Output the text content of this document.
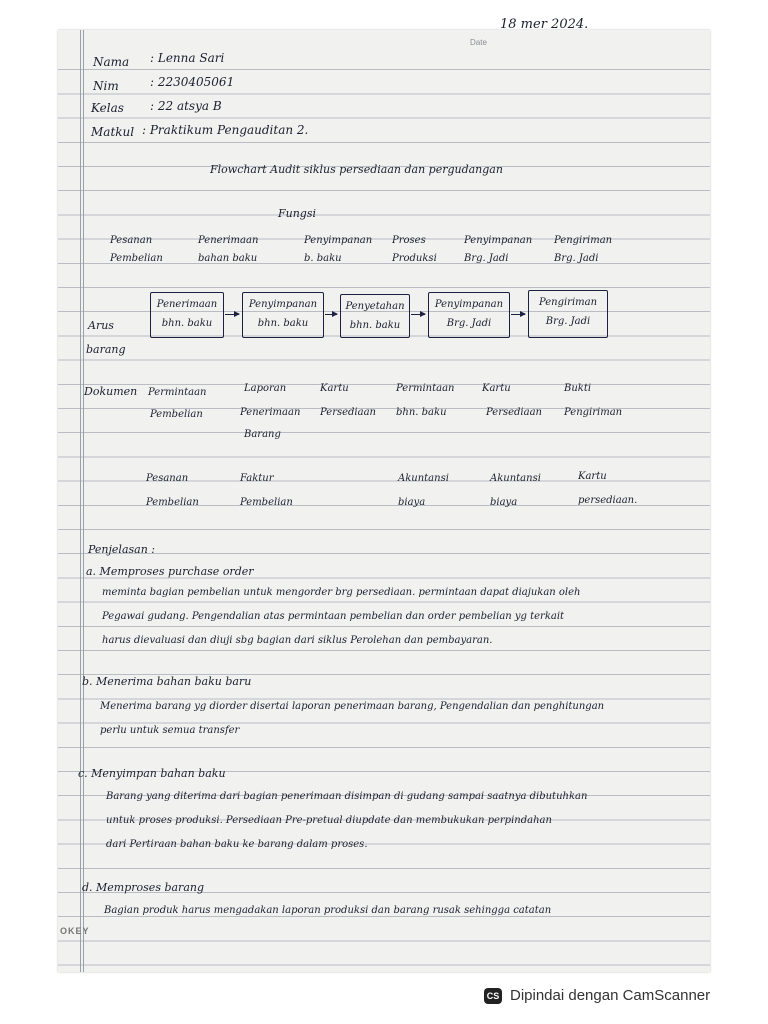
18 mer 2024.
Date
Nama : Lenna Sari
Nim	: 2230405061
Kelas : 22 atsya B
Matkul : Praktikum Pengauditan 2.
Flowchart Audit siklus persediaan dan pergudangan
Fungsi
Pesanan
Pembelian
Penerimaan
bahan baku
Penyimpanan
b. baku
Proses
Produksi
Penyimpanan
Brg. Jadi
Pengiriman
Brg. Jadi
Arus
barang
Penerimaan
bhn. baku
Penyimpanan
bhn. baku
Penyetahan
bhn. baku
Penyimpanan
Brg. Jadi
Pengiriman
Brg. Jadi
Dokumen Permintaan
Pembelian
Laporan
Penerimaan
Barang
Kartu
Persediaan
Permintaan
bhn. baku
Kartu
Persediaan
Bukti
Pengiriman
Pesanan
Pembelian
Faktur
Pembelian
Akuntansi
biaya
Akuntansi
biaya
Kartu
persediaan.
Penjelasan :
a. Memproses purchase order
meminta bagian pembelian untuk mengorder brg persediaan. permintaan dapat diajukan oleh
Pegawai gudang. Pengendalian atas permintaan pembelian dan order pembelian yg terkait
harus dievaluasi dan diuji sbg bagian dari siklus Perolehan dan pembayaran.
b. Menerima bahan baku baru
Menerima barang yg diorder disertai laporan penerimaan barang, Pengendalian dan penghitungan
perlu untuk semua transfer
c. Menyimpan bahan baku
Barang yang diterima dari bagian penerimaan disimpan di gudang sampai saatnya dibutuhkan
untuk proses produksi. Persediaan Pre-pretual diupdate dan membukukan perpindahan
dari Pertiraan bahan baku ke barang dalam proses.
d. Memproses barang
Bagian produk harus mengadakan laporan produksi dan barang rusak sehingga catatan
OKEY
CS Dipindai dengan CamScanner
